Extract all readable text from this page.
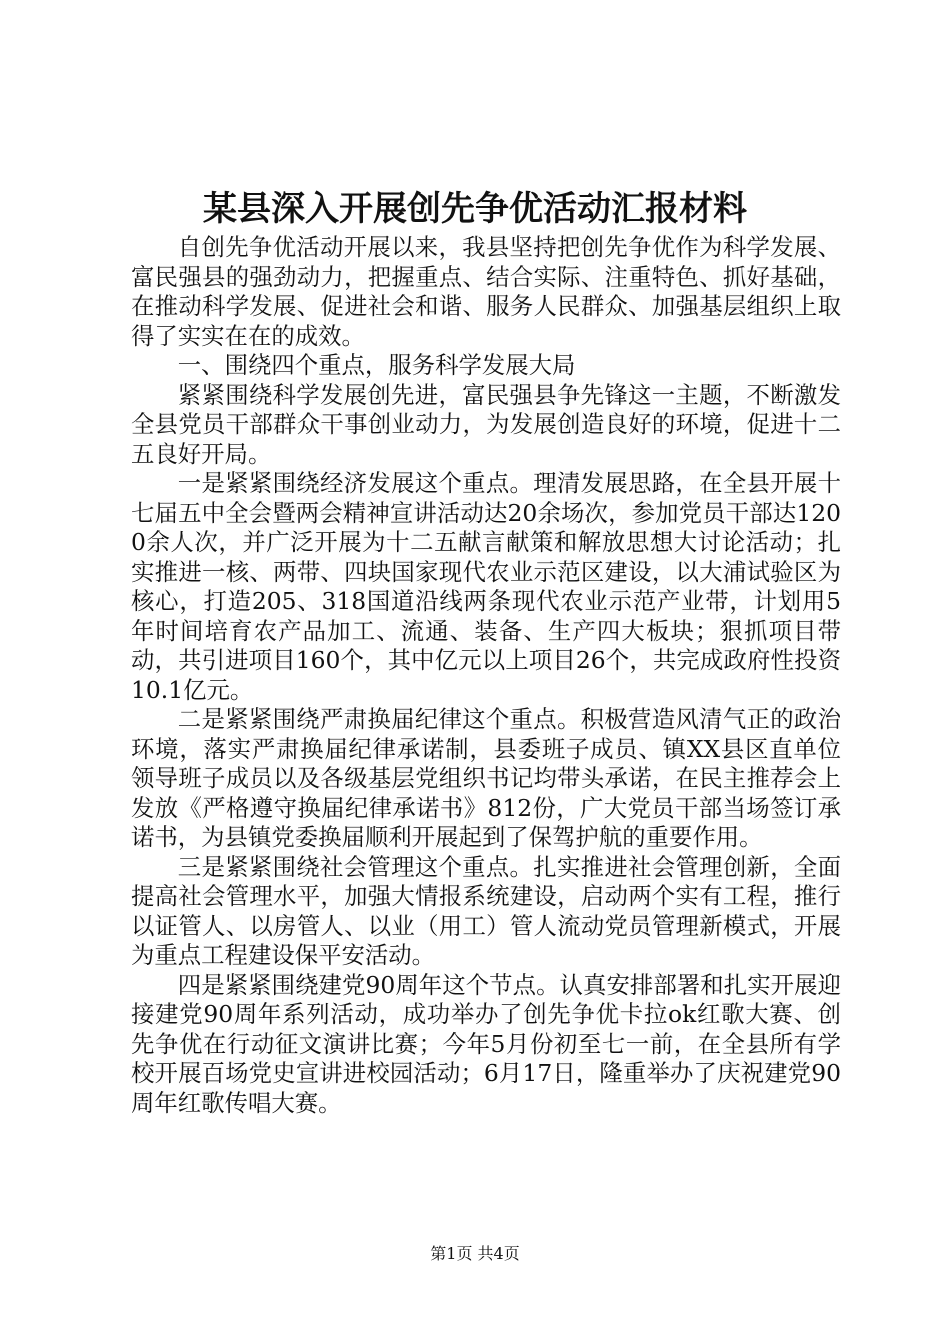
某县深入开展创先争优活动汇报材料

自创先争优活动开展以来，我县坚持把创先争优作为科学发展、富民强县的强劲动力，把握重点、结合实际、注重特色、抓好基础，在推动科学发展、促进社会和谐、服务人民群众、加强基层组织上取得了实实在在的成效。

一、围绕四个重点，服务科学发展大局

紧紧围绕科学发展创先进，富民强县争先锋这一主题，不断激发全县党员干部群众干事创业动力，为发展创造良好的环境，促进十二五良好开局。

一是紧紧围绕经济发展这个重点。理清发展思路，在全县开展十七届五中全会暨两会精神宣讲活动达20余场次，参加党员干部达1200余人次，并广泛开展为十二五献言献策和解放思想大讨论活动；扎实推进一核、两带、四块国家现代农业示范区建设，以大浦试验区为核心，打造205、318国道沿线两条现代农业示范产业带，计划用5年时间培育农产品加工、流通、装备、生产四大板块；狠抓项目带动，共引进项目160个，其中亿元以上项目26个，共完成政府性投资10.1亿元。

二是紧紧围绕严肃换届纪律这个重点。积极营造风清气正的政治环境，落实严肃换届纪律承诺制，县委班子成员、镇XX县区直单位领导班子成员以及各级基层党组织书记均带头承诺，在民主推荐会上发放《严格遵守换届纪律承诺书》812份，广大党员干部当场签订承诺书，为县镇党委换届顺利开展起到了保驾护航的重要作用。

三是紧紧围绕社会管理这个重点。扎实推进社会管理创新，全面提高社会管理水平，加强大情报系统建设，启动两个实有工程，推行以证管人、以房管人、以业（用工）管人流动党员管理新模式，开展为重点工程建设保平安活动。

四是紧紧围绕建党90周年这个节点。认真安排部署和扎实开展迎接建党90周年系列活动，成功举办了创先争优卡拉ok红歌大赛、创先争优在行动征文演讲比赛；今年5月份初至七一前，在全县所有学校开展百场党史宣讲进校园活动；6月17日，隆重举办了庆祝建党90周年红歌传唱大赛。

第1页 共4页
